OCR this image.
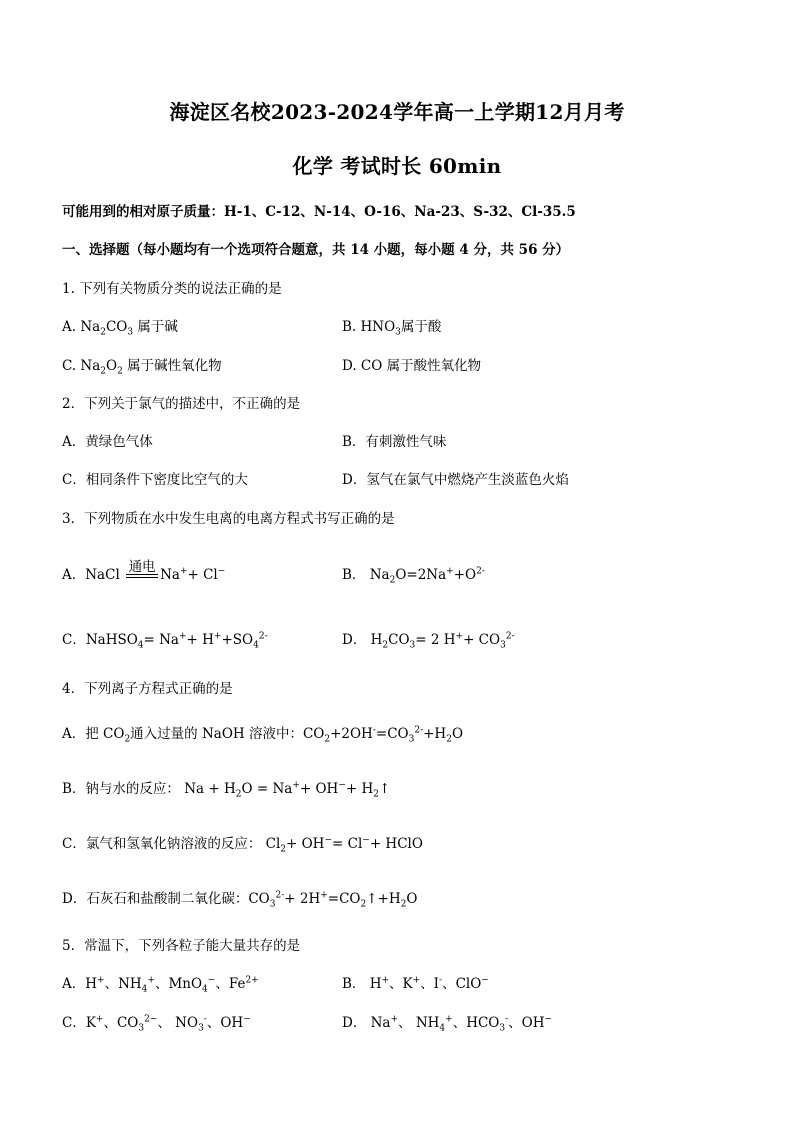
海淀区名校2023-2024学年高一上学期12月月考
化学 考试时长 60min
可能用到的相对原子质量：H-1、C-12、N-14、O-16、Na-23、S-32、Cl-35.5
一、选择题（每小题均有一个选项符合题意，共 14 小题，每小题 4 分，共 56 分）
1. 下列有关物质分类的说法正确的是
A. $Na_2CO_3$ 属于碱	B. $HNO_3$属于酸
C. $Na_2O_2$ 属于碱性氧化物	D. CO 属于酸性氧化物
2．下列关于氯气的描述中，不正确的是
A．黄绿色气体	B．有刺激性气味
C．相同条件下密度比空气的大	D．氢气在氯气中燃烧产生淡蓝色火焰
3．下列物质在水中发生电离的电离方程式书写正确的是
A．NaCl
通电
Na++ Cl−	B． $Na_2O=2Na^++O^{2-}$
C．NaHSO$_4$= $Na^++ H^++SO_4^{2-}$	D． $H_2CO_3= 2$ $H^++ CO_3^{2-}$
4．下列离子方程式正确的是
A．把 $CO_2$通入过量的 NaOH 溶液中：$CO_2+2OH^-=CO_3^{2-}+H_2O$
B．钠与水的反应： $Na + H_2O = Na^++ OH^-+$ $H_2↑$
C．氯气和氢氧化钠溶液的反应： $Cl_2+ OH^-= Cl^-+$ HClO
D．石灰石和盐酸制二氧化碳：$CO_3^{2-}+$ $2H^+=CO_2↑+H_2O$
5．常温下，下列各粒子能大量共存的是
A．H+、$NH_4^+$、MnO$_4$−、$Fe^{2+}$	B． H+、K+、I-、ClO−
C．K+、$CO_3^{2-}$、 $NO_3^-$、OH−	D． Na+、 $NH_4^+$、$HCO_3^-$、OH−
